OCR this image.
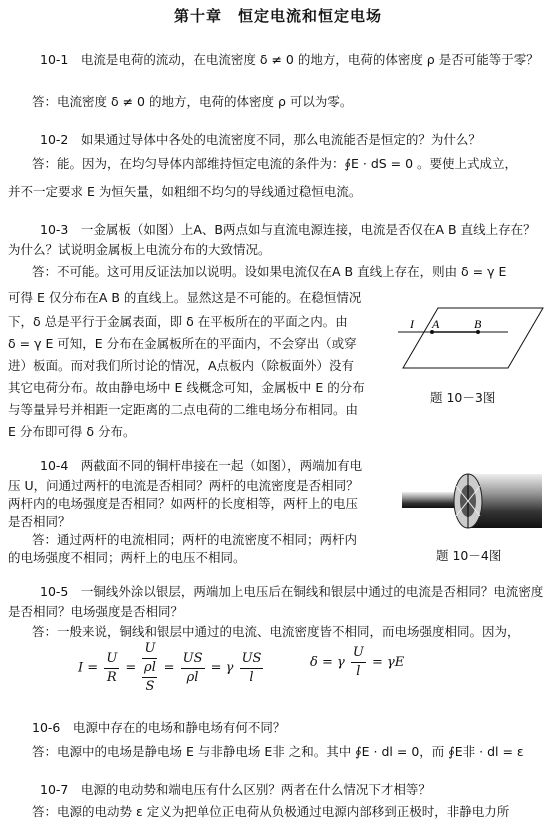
第十章　恒定电流和恒定电场
10-1　电流是电荷的流动，在电流密度 δ ≠ 0 的地方，电荷的体密度 ρ 是否可能等于零？
答：电流密度 δ ≠ 0 的地方，电荷的体密度 ρ 可以为零。
10-2　如果通过导体中各处的电流密度不同，那么电流能否是恒定的？为什么？
答：能。因为，在均匀导体内部维持恒定电流的条件为：∮E · dS = 0 。要使上式成立，
并不一定要求 E 为恒矢量，如粗细不均匀的导线通过稳恒电流。
10-3　一金属板（如图）上A、B两点如与直流电源连接，电流是否仅在A B 直线上存在？为什么？试说明金属板上电流分布的大致情况。
答：不可能。这可用反证法加以说明。设如果电流仅在A B 直线上存在，则由 δ = γ E
可得 E 仅分布在A B 的直线上。显然这是不可能的。在稳恒情况
下，δ 总是平行于金属表面，即 δ 在平板所在的平面之内。由
δ = γ E 可知，E 分布在金属板所在的平面内，不会穿出（或穿
进）板面。而对我们所讨论的情况，A点板内（除板面外）没有
其它电荷分布。故由静电场中 E 线概念可知，金属板中 E 的分布
与等量异号并相距一定距离的二点电荷的二维电场分布相同。由
E 分布即可得 δ 分布。
I A	B
题 10－3图
10-4　两截面不同的铜杆串接在一起（如图），两端加有电
压 U，问通过两杆的电流是否相同？两杆的电流密度是否相同？
两杆内的电场强度是否相同？如两杆的长度相等，两杆上的电压
是否相同？
答：通过两杆的电流相同；两杆的电流密度不相同；两杆内
的电场强度不相同；两杆上的电压不相同。	题 10－4图
10-5　一铜线外涂以银层，两端加上电压后在铜线和银层中通过的电流是否相同？电流密度是否相同？电场强度是否相同？
答：一般来说，铜线和银层中通过的电流、电流密度皆不相同，而电场强度相同。因为，
$I = \frac{U}{R}$ =
U
ρl
S
= $\frac{US}{\rho l} = \gamma \frac{US}{l}$	δ = γ $\frac{U}{l} = \gamma E$
10-6　电源中存在的电场和静电场有何不同？
答：电源中的电场是静电场 E 与非静电场 E非 之和。其中 ∮E · dl = 0，而 ∮E非 · dl = ε
10-7　电源的电动势和端电压有什么区别？两者在什么情况下才相等？
答：电源的电动势 ε 定义为把单位正电荷从负极通过电源内部移到正极时，非静电力所
